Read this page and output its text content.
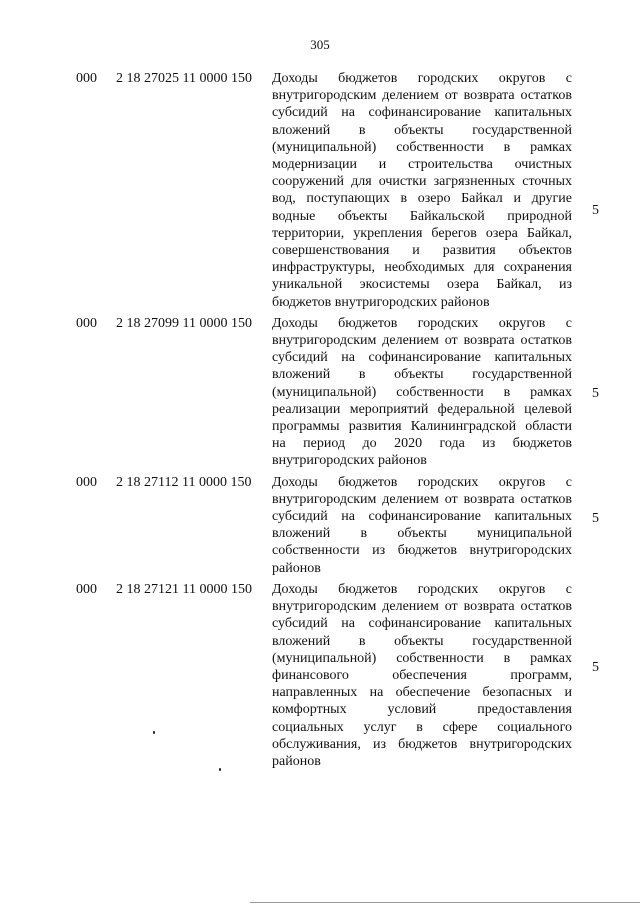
305
000 2 18 27025 11 0000 150 Доходы бюджетов городских округов с внутригородским делением от возврата остатков субсидий на софинансирование капитальных вложений в объекты государственной (муниципальной) собственности в рамках модернизации и строительства очистных сооружений для очистки загрязненных сточных вод, поступающих в озеро Байкал и другие водные объекты Байкальской природной территории, укрепления берегов озера Байкал, совершенствования и развития объектов инфраструктуры, необходимых для сохранения уникальной экосистемы озера Байкал, из бюджетов внутригородских районов
5
000 2 18 27099 11 0000 150 Доходы бюджетов городских округов с внутригородским делением от возврата остатков субсидий на софинансирование капитальных вложений в объекты государственной (муниципальной) собственности в рамках реализации мероприятий федеральной целевой программы развития Калининградской области на период до 2020 года из бюджетов внутригородских районов
5
000 2 18 27112 11 0000 150 Доходы бюджетов городских округов с внутригородским делением от возврата остатков субсидий на софинансирование капитальных вложений в объекты муниципальной собственности из бюджетов внутригородских районов
5
000 2 18 27121 11 0000 150 Доходы бюджетов городских округов с внутригородским делением от возврата остатков субсидий на софинансирование капитальных вложений в объекты государственной (муниципальной) собственности в рамках финансового обеспечения программ, направленных на обеспечение безопасных и комфортных условий предоставления социальных услуг в сфере социального обслуживания, из бюджетов внутригородских районов
5
